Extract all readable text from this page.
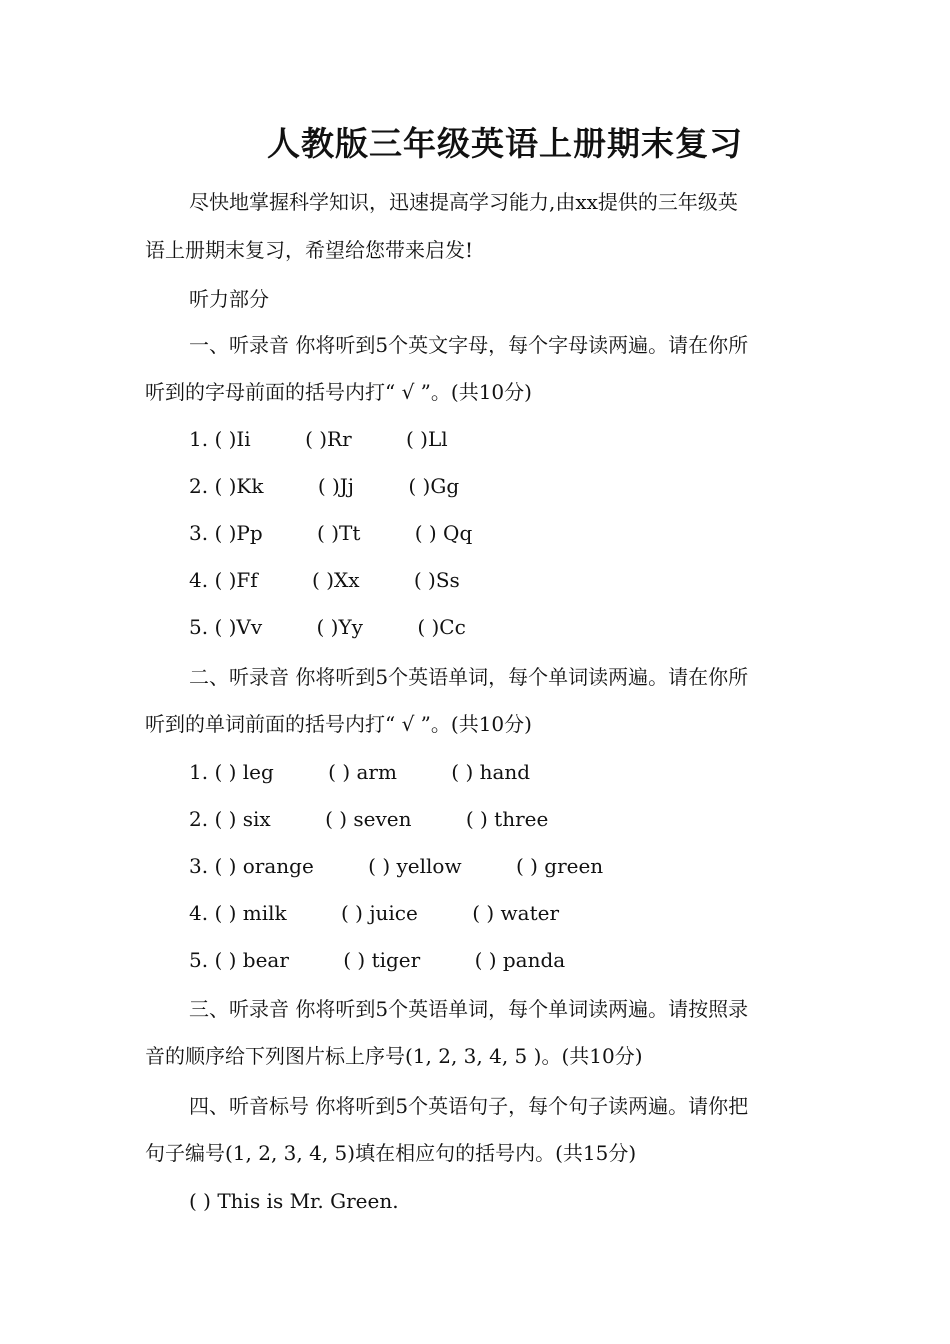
人教版三年级英语上册期末复习
尽快地掌握科学知识，迅速提高学习能力,由xx提供的三年级英
语上册期末复习，希望给您带来启发!
听力部分
一、听录音 你将听到5个英文字母，每个字母读两遍。请在你所
听到的字母前面的括号内打“ √ ”。(共10分)
1. ( )Ii	( )Rr	( )Ll
2. ( )Kk	( )Jj	( )Gg
3. ( )Pp	( )Tt	( ) Qq
4. ( )Ff	( )Xx	( )Ss
5. ( )Vv	( )Yy	( )Cc
二、听录音 你将听到5个英语单词，每个单词读两遍。请在你所
听到的单词前面的括号内打“ √ ”。(共10分)
1. ( ) leg	( ) arm	( ) hand
2. ( ) six	( ) seven	( ) three
3. ( ) orange	( ) yellow	( ) green
4. ( ) milk	( ) juice	( ) water
5. ( ) bear	( ) tiger	( ) panda
三、听录音 你将听到5个英语单词，每个单词读两遍。请按照录
音的顺序给下列图片标上序号(1, 2, 3, 4, 5 )。(共10分)
四、听音标号 你将听到5个英语句子，每个句子读两遍。请你把
句子编号(1, 2, 3, 4, 5)填在相应句的括号内。(共15分)
( ) This is Mr. Green.
